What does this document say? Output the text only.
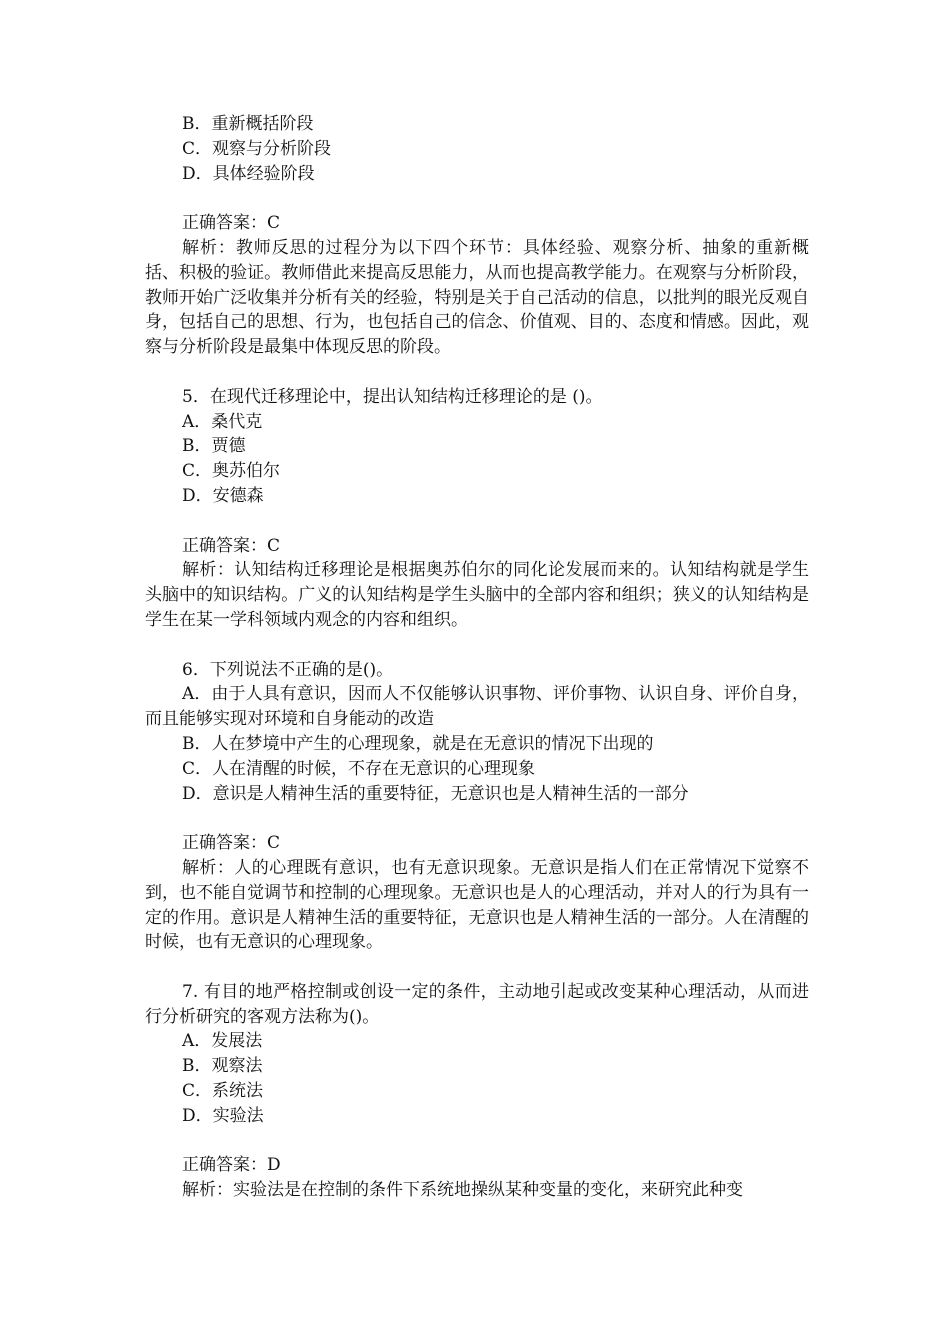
B．重新概括阶段
C．观察与分析阶段
D．具体经验阶段
正确答案：C
解析：教师反思的过程分为以下四个环节：具体经验、观察分析、抽象的重新概括、积极的验证。教师借此来提高反思能力，从而也提高教学能力。在观察与分析阶段，教师开始广泛收集并分析有关的经验，特别是关于自己活动的信息，以批判的眼光反观自身，包括自己的思想、行为，也包括自己的信念、价值观、目的、态度和情感。因此，观察与分析阶段是最集中体现反思的阶段。
5．在现代迁移理论中，提出认知结构迁移理论的是 ()。
A．桑代克
B．贾德
C．奥苏伯尔
D．安德森
正确答案：C
解析：认知结构迁移理论是根据奥苏伯尔的同化论发展而来的。认知结构就是学生头脑中的知识结构。广义的认知结构是学生头脑中的全部内容和组织；狭义的认知结构是学生在某一学科领域内观念的内容和组织。
6．下列说法不正确的是()。
A．由于人具有意识，因而人不仅能够认识事物、评价事物、认识自身、评价自身，而且能够实现对环境和自身能动的改造
B．人在梦境中产生的心理现象，就是在无意识的情况下出现的
C．人在清醒的时候，不存在无意识的心理现象
D．意识是人精神生活的重要特征，无意识也是人精神生活的一部分
正确答案：C
解析：人的心理既有意识，也有无意识现象。无意识是指人们在正常情况下觉察不到，也不能自觉调节和控制的心理现象。无意识也是人的心理活动，并对人的行为具有一定的作用。意识是人精神生活的重要特征，无意识也是人精神生活的一部分。人在清醒的时候，也有无意识的心理现象。
7. 有目的地严格控制或创设一定的条件，主动地引起或改变某种心理活动，从而进行分析研究的客观方法称为()。
A．发展法
B．观察法
C．系统法
D．实验法
正确答案：D
解析：实验法是在控制的条件下系统地操纵某种变量的变化，来研究此种变
